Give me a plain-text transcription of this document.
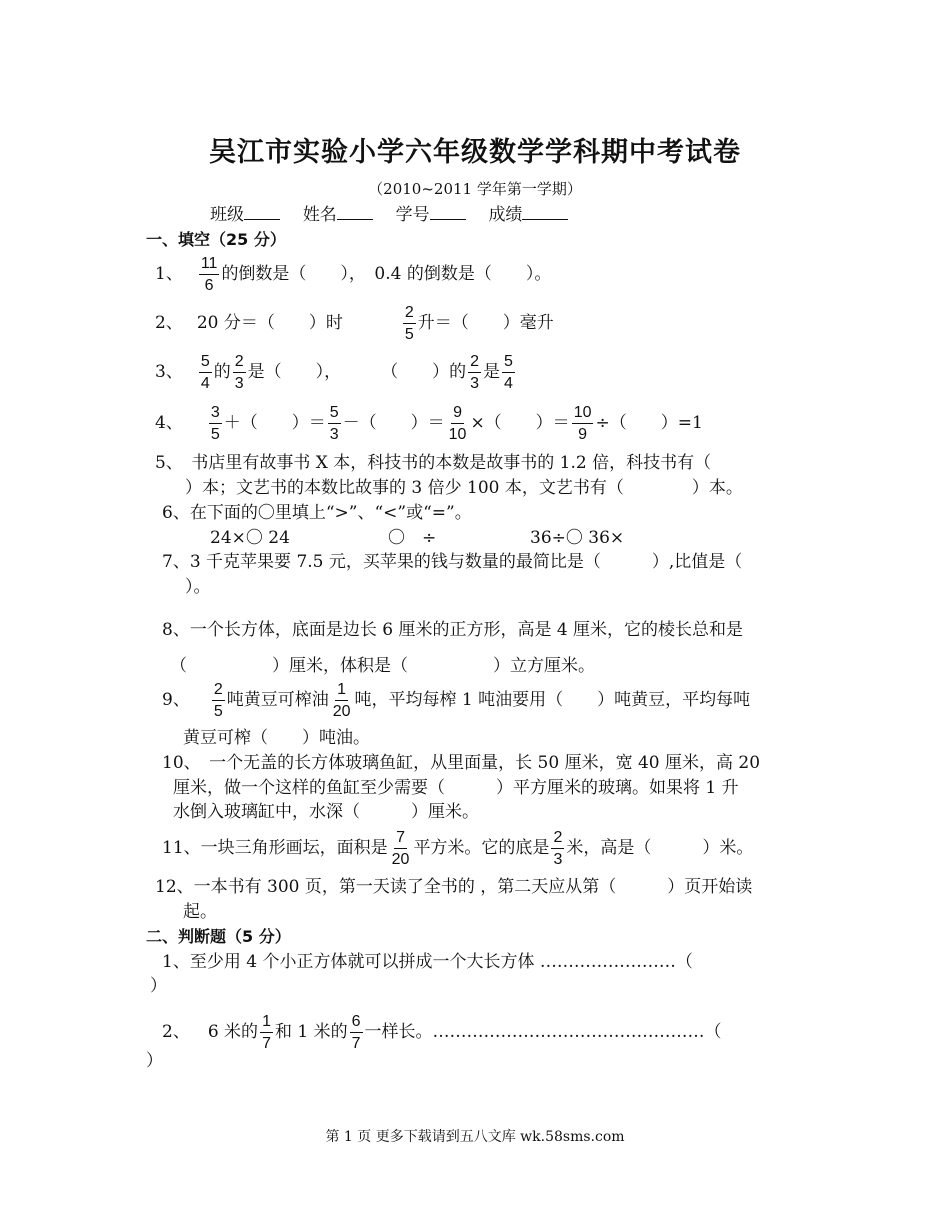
吴江市实验小学六年级数学学科期中考试卷
（2010~2011 学年第一学期）
班级	姓名	学号	成绩
一、填空（25 分）
1、 $\frac{11}{6}$ 的倒数是（　　），　0.4 的倒数是（　　）。
2、 20 分＝（　　）时	$\frac{2}{5}$ 升＝（　　）毫升
3、 $\frac{5}{4}$ 的 $\frac{2}{3}$ 是（　　）， （　　）的 $\frac{2}{3}$ 是 $\frac{5}{4}$
4、 $\frac{3}{5}$ ＋（　　）＝ $\frac{5}{3}$ －（　　）＝ $\frac{9}{10}$ ×（　　）＝ $\frac{10}{9}$ ÷（　　）=1
5、　书店里有故事书 X 本，科技书的本数是故事书的 1.2 倍，科技书有（
）本；文艺书的本数比故事的 3 倍少 100 本，文艺书有（　　　　）本。
6、在下面的〇里填上“>”、“<”或“=”。
24×〇 24	〇　÷	36÷〇 36×
7、3 千克苹果要 7.5 元，买苹果的钱与数量的最简比是（　　　）,比值是（
）。
8、一个长方体，底面是边长 6 厘米的正方形，高是 4 厘米，它的棱长总和是
（　　　　　）厘米，体积是（　　　　　）立方厘米。
9、 $\frac{2}{5}$ 吨黄豆可榨油 $\frac{1}{20}$ 吨，平均每榨 1 吨油要用（　　）吨黄豆，平均每吨
黄豆可榨（　　）吨油。
10、　一个无盖的长方体玻璃鱼缸，从里面量，长 50 厘米，宽 40 厘米，高 20
厘米，做一个这样的鱼缸至少需要（　　　）平方厘米的玻璃。如果将 1 升
水倒入玻璃缸中，水深（　　　）厘米。
11、一块三角形画坛，面积是 $\frac{7}{20}$ 平方米。它的底是 $\frac{2}{3}$ 米，高是（　　　）米。
12、一本书有 300 页，第一天读了全书的 ，第二天应从第（　　　）页开始读
起。
二、判断题（5 分）
1、至少用 4 个小正方体就可以拼成一个大长方体 ……………………（
）
2、 6 米的 $\frac{1}{7}$ 和 1 米的 $\frac{6}{7}$ 一样长。…………………………………………（
）
第 1 页 更多下载请到五八文库 wk.58sms.com
